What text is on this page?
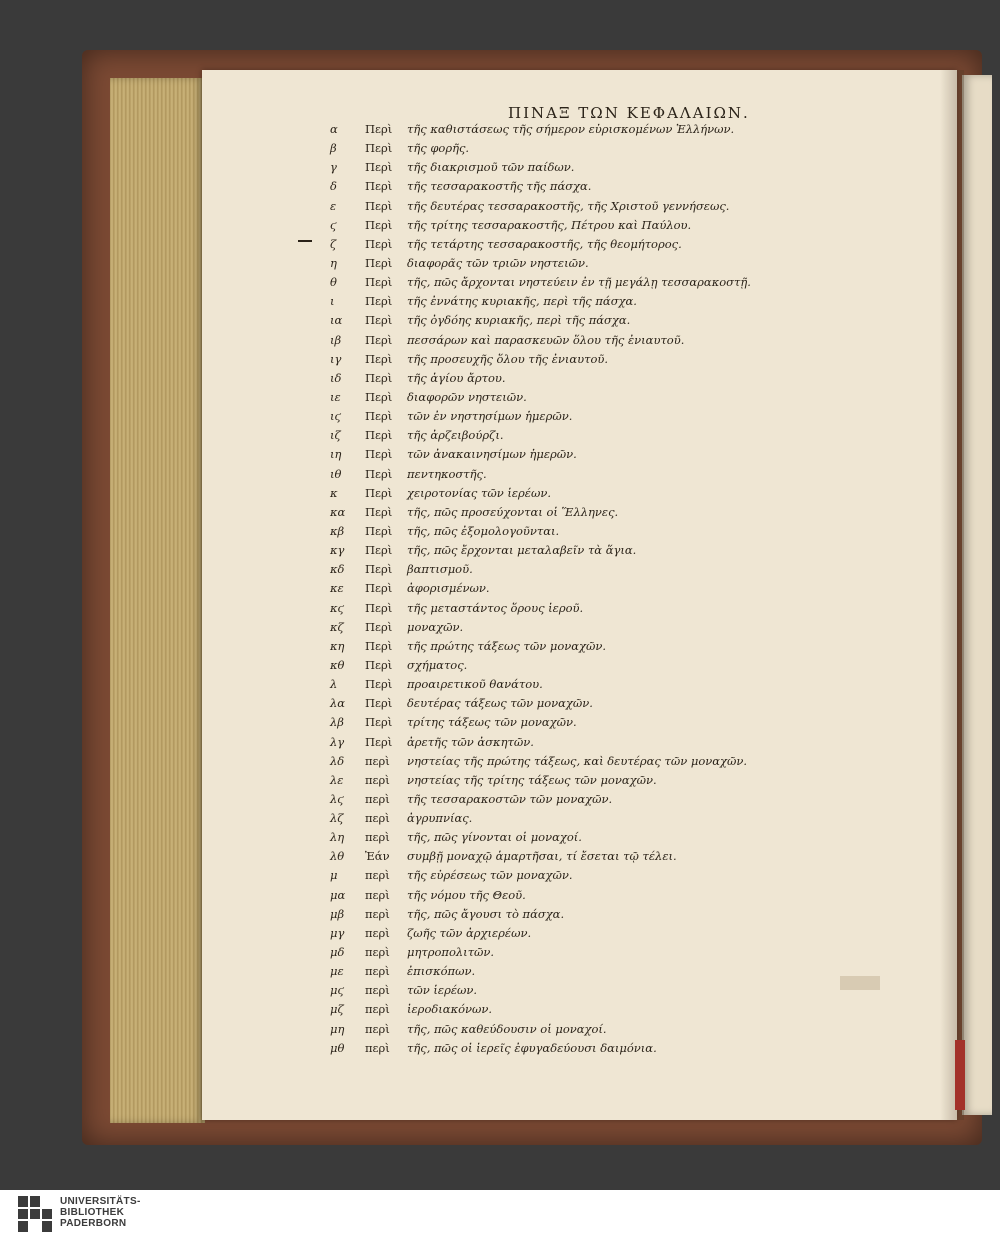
ΠΙΝΑΞ ΤΩΝ ΚΕΦΑΛΑΙΩΝ.
α	Περὶ	τῆς καθιστάσεως τῆς σήμερον εὑρισκομένων Ἑλλήνων.
β	Περὶ	τῆς φορῆς.
γ	Περὶ	τῆς διακρισμοῦ τῶν παίδων.
δ	Περὶ	τῆς τεσσαρακοστῆς τῆς πάσχα.
ε	Περὶ	τῆς δευτέρας τεσσαρακοστῆς, τῆς Χριστοῦ γεννήσεως.
ϛ	Περὶ	τῆς τρίτης τεσσαρακοστῆς, Πέτρου καὶ Παύλου.
ζ	Περὶ	τῆς τετάρτης τεσσαρακοστῆς, τῆς θεομήτορος.
η	Περὶ	διαφορᾶς τῶν τριῶν νηστειῶν.
θ	Περὶ	τῆς, πῶς ἄρχονται νηστεύειν ἐν τῇ μεγάλῃ τεσσαρακοστῇ.
ι	Περὶ	τῆς ἐννάτης κυριακῆς, περὶ τῆς πάσχα.
ια	Περὶ	τῆς ὀγδόης κυριακῆς, περὶ τῆς πάσχα.
ιβ	Περὶ	πεσσάρων καὶ παρασκευῶν ὅλου τῆς ἐνιαυτοῦ.
ιγ	Περὶ	τῆς προσευχῆς ὅλου τῆς ἐνιαυτοῦ.
ιδ	Περὶ	τῆς ἁγίου ἄρτου.
ιε	Περὶ	διαφορῶν νηστειῶν.
ιϛ	Περὶ	τῶν ἐν νηστησίμων ἡμερῶν.
ιζ	Περὶ	τῆς ἀρζειβούρζι.
ιη	Περὶ	τῶν ἀνακαινησίμων ἡμερῶν.
ιθ	Περὶ	πεντηκοστῆς.
κ	Περὶ	χειροτονίας τῶν ἱερέων.
κα	Περὶ	τῆς, πῶς προσεύχονται οἱ Ἕλληνες.
κβ	Περὶ	τῆς, πῶς ἐξομολογοῦνται.
κγ	Περὶ	τῆς, πῶς ἔρχονται μεταλαβεῖν τὰ ἅγια.
κδ	Περὶ	βαπτισμοῦ.
κε	Περὶ	ἀφορισμένων.
κϛ	Περὶ	τῆς μεταστάντος ὅρους ἱεροῦ.
κζ	Περὶ	μοναχῶν.
κη	Περὶ	τῆς πρώτης τάξεως τῶν μοναχῶν.
κθ	Περὶ	σχήματος.
λ	Περὶ	προαιρετικοῦ θανάτου.
λα	Περὶ	δευτέρας τάξεως τῶν μοναχῶν.
λβ	Περὶ	τρίτης τάξεως τῶν μοναχῶν.
λγ	Περὶ	ἀρετῆς τῶν ἀσκητῶν.
λδ	περὶ	νηστείας τῆς πρώτης τάξεως, καὶ δευτέρας τῶν μοναχῶν.
λε	περὶ	νηστείας τῆς τρίτης τάξεως τῶν μοναχῶν.
λϛ	περὶ	τῆς τεσσαρακοστῶν τῶν μοναχῶν.
λζ	περὶ	ἀγρυπνίας.
λη	περὶ	τῆς, πῶς γίνονται οἱ μοναχοί.
λθ	Ἐάν	συμβῇ μοναχῷ ἁμαρτῆσαι, τί ἔσεται τῷ τέλει.
μ	περὶ	τῆς εὑρέσεως τῶν μοναχῶν.
μα	περὶ	τῆς νόμου τῆς Θεοῦ.
μβ	περὶ	τῆς, πῶς ἄγουσι τὸ πάσχα.
μγ	περὶ	ζωῆς τῶν ἀρχιερέων.
μδ	περὶ	μητροπολιτῶν.
με	περὶ	ἐπισκόπων.
μϛ	περὶ	τῶν ἱερέων.
μζ	περὶ	ἱεροδιακόνων.
μη	περὶ	τῆς, πῶς καθεύδουσιν οἱ μοναχοί.
μθ	περὶ	τῆς, πῶς οἱ ἱερεῖς ἐφυγαδεύουσι δαιμόνια.
UNIVERSITÄTS-
BIBLIOTHEK
PADERBORN
